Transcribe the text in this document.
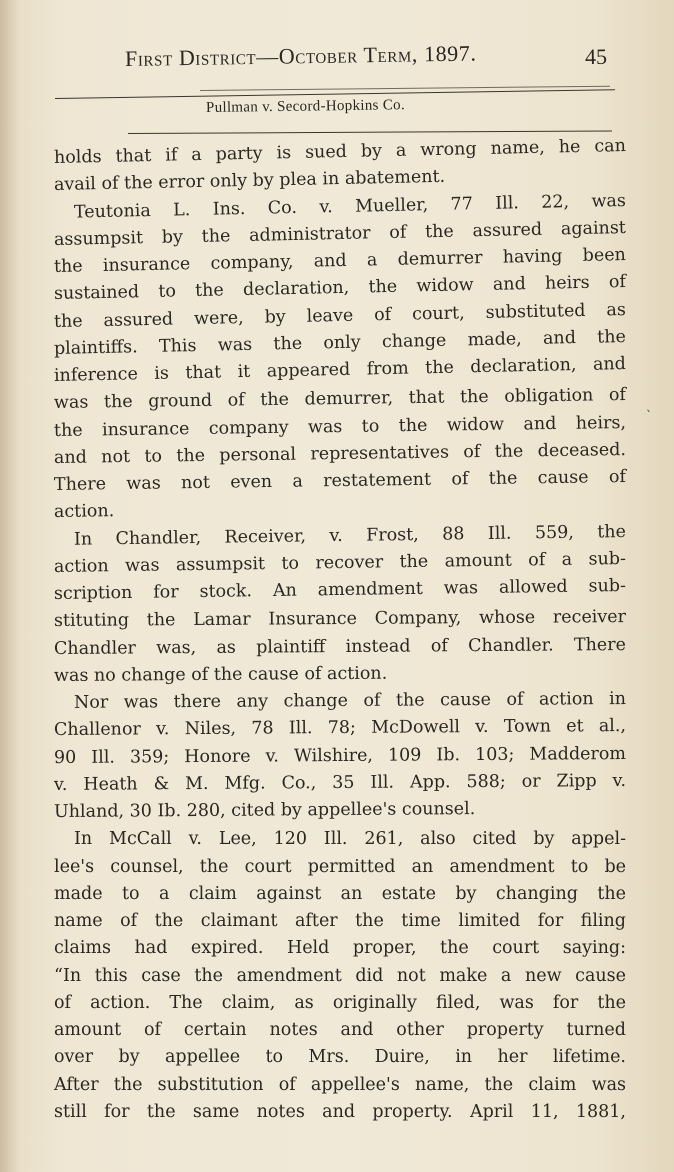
First District—October Term, 1897.	45
Pullman v. Secord-Hopkins Co.
holds that if a party is sued by a wrong name, he can
avail of the error only by plea in abatement.
Teutonia L. Ins. Co. v. Mueller, 77 Ill. 22, was
assumpsit by the administrator of the assured against
the insurance company, and a demurrer having been
sustained to the declaration, the widow and heirs of
the assured were, by leave of court, substituted as
plaintiffs. This was the only change made, and the
inference is that it appeared from the declaration, and
was the ground of the demurrer, that the obligation of
the insurance company was to the widow and heirs,
and not to the personal representatives of the deceased.
There was not even a restatement of the cause of
action.
In Chandler, Receiver, v. Frost, 88 Ill. 559, the
action was assumpsit to recover the amount of a sub-
scription for stock. An amendment was allowed sub-
stituting the Lamar Insurance Company, whose receiver
Chandler was, as plaintiff instead of Chandler. There
was no change of the cause of action.
Nor was there any change of the cause of action in
Challenor v. Niles, 78 Ill. 78; McDowell v. Town et al.,
90 Ill. 359; Honore v. Wilshire, 109 Ib. 103; Madderom
v. Heath & M. Mfg. Co., 35 Ill. App. 588; or Zipp v.
Uhland, 30 Ib. 280, cited by appellee's counsel.
In McCall v. Lee, 120 Ill. 261, also cited by appel-
lee's counsel, the court permitted an amendment to be
made to a claim against an estate by changing the
name of the claimant after the time limited for filing
claims had expired. Held proper, the court saying:
“In this case the amendment did not make a new cause
of action. The claim, as originally filed, was for the
amount of certain notes and other property turned
over by appellee to Mrs. Duire, in her lifetime.
After the substitution of appellee's name, the claim was
still for the same notes and property. April 11, 1881,
ˎ
